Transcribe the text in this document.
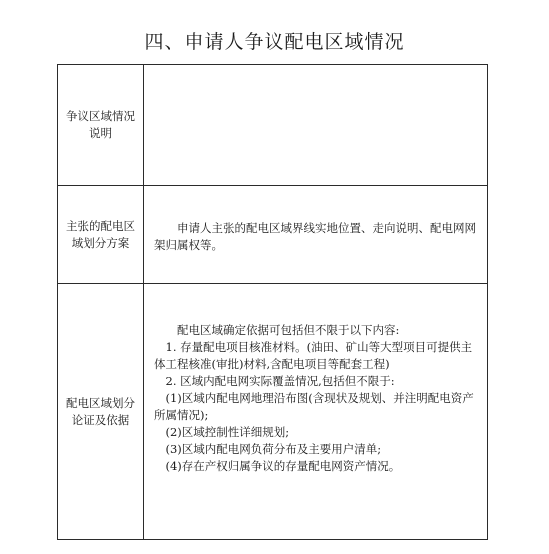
四、申请人争议配电区域情况
争议区域情况
说明
主张的配电区
域划分方案

申请人主张的配电区域界线实地位置、走向说明、配电网网架归属权等。

配电区域划分
论证及依据

配电区域确定依据可包括但不限于以下内容:

1. 存量配电项目核准材料。(油田、矿山等大型项目可提供主体工程核准(审批)材料,含配电项目等配套工程)

2. 区域内配电网实际覆盖情况,包括但不限于:

(1)区域内配电网地理沿布图(含现状及规划、并注明配电资产所属情况);

(2)区域控制性详细规划;

(3)区域内配电网负荷分布及主要用户清单;

(4)存在产权归属争议的存量配电网资产情况。
